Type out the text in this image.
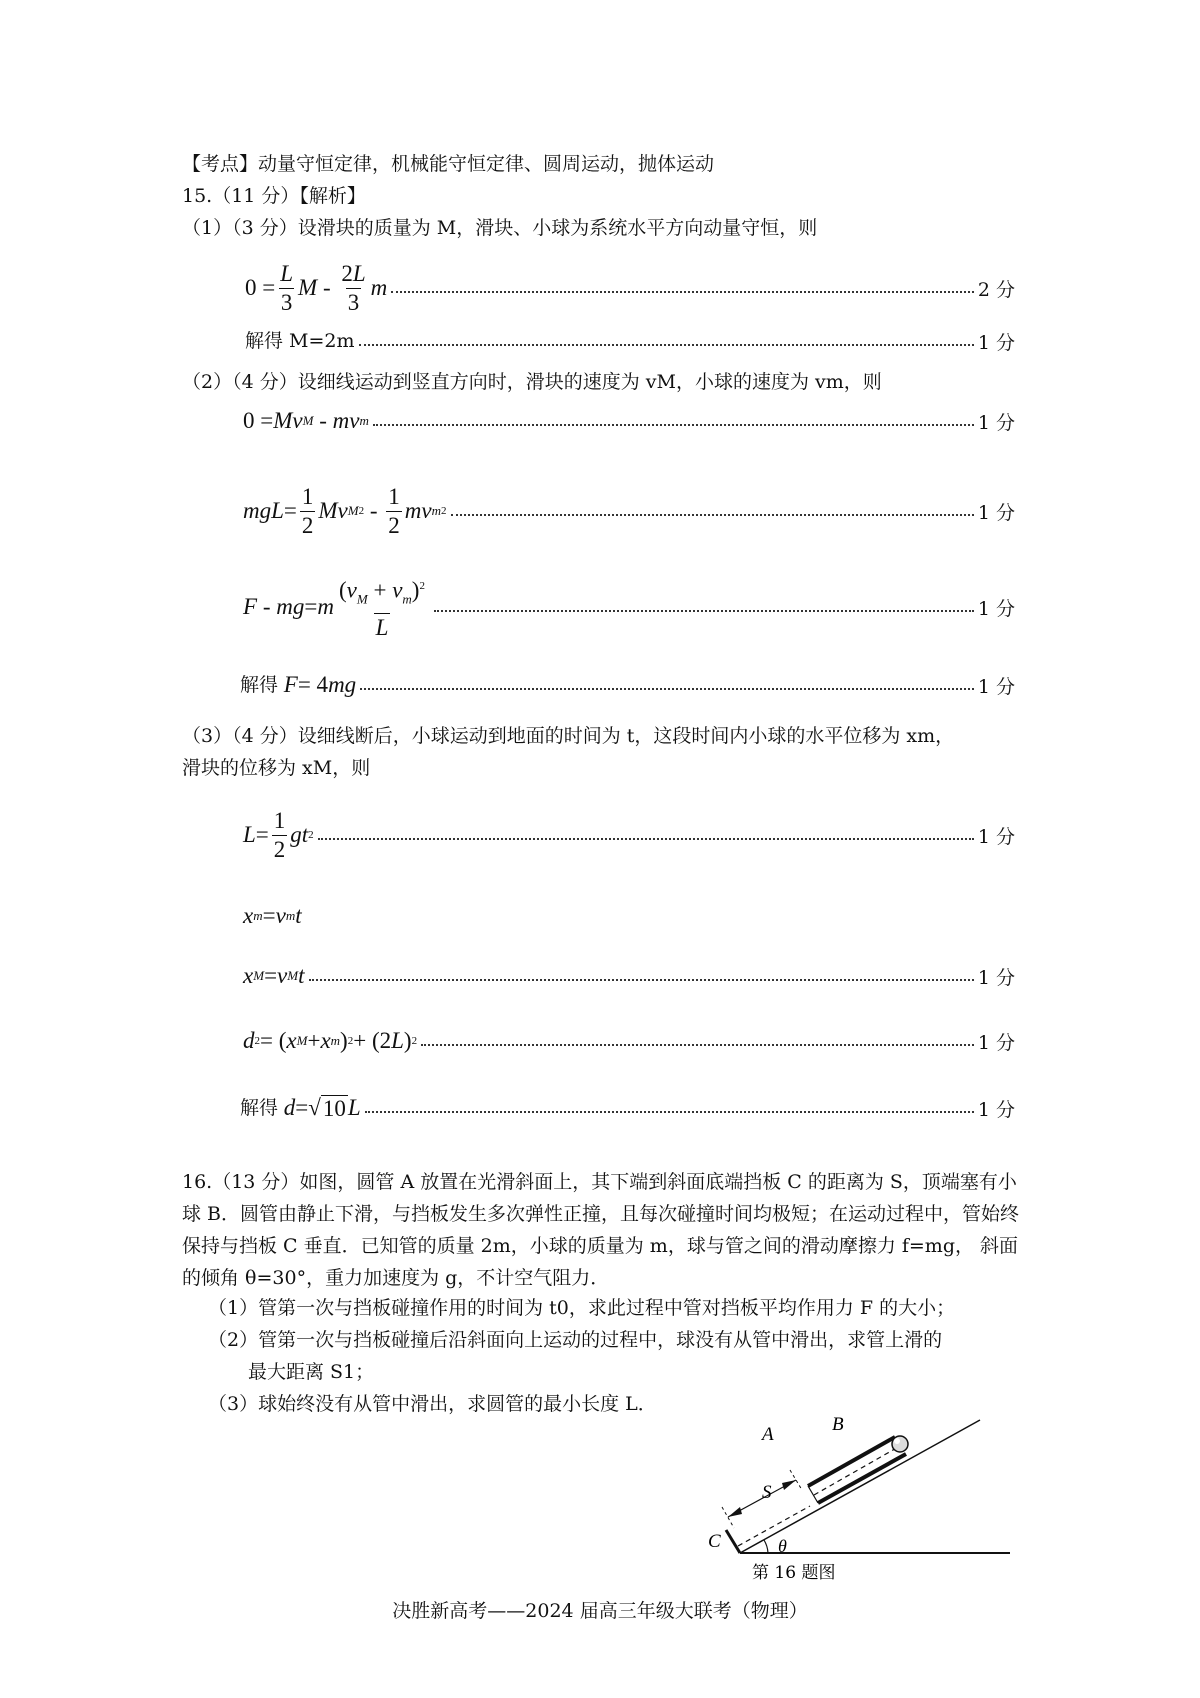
【考点】动量守恒定律，机械能守恒定律、圆周运动，抛体运动
15.（11 分）【解析】
（1）（3 分）设滑块的质量为 M，滑块、小球为系统水平方向动量守恒，则
$0 = \frac{L}{3}$ M - $\frac{2L}{3}$ m	2 分
解得 M=2m	1 分
（2）（4 分）设细线运动到竖直方向时，滑块的速度为 vM，小球的速度为 vm，则
0 = Mv M - mv m	1 分
mgL = $\frac{1}{2}$ Mv M $2 - \frac{1}{2}$ mv m 2	1 分
F - mg = m $\frac{(v_M + v_m)^2}{L}$	1 分
解得
F = 4 mg	1 分
（3）（4 分）设细线断后，小球运动到地面的时间为 t，这段时间内小球的水平位移为 xm，
滑块的位移为 xM，则
$L = \frac{1}{2}$ gt 2	1 分
x m = v m t
x M = v M t	1 分
d 2 = ( x M + x m ) 2 + (2 L ) 2	1 分
解得
d = √ 10 L	1 分
16.（13 分）如图，圆管 A 放置在光滑斜面上，其下端到斜面底端挡板 C 的距离为 S，顶端塞有小球 B．圆管由静止下滑，与挡板发生多次弹性正撞，且每次碰撞时间均极短；在运动过程中，管始终保持与挡板 C 垂直．已知管的质量 2m，小球的质量为 m，球与管之间的滑动摩擦力 f=mg， 斜面的倾角 θ=30°，重力加速度为 g，不计空气阻力．
（1）管第一次与挡板碰撞作用的时间为 t0，求此过程中管对挡板平均作用力 F 的大小；
（2）管第一次与挡板碰撞后沿斜面向上运动的过程中，球没有从管中滑出，求管上滑的
最大距离 S1；
（3）球始终没有从管中滑出，求圆管的最小长度 L．
S
A	B
C	θ
第 16 题图
决胜新高考——2024 届高三年级大联考（物理）
